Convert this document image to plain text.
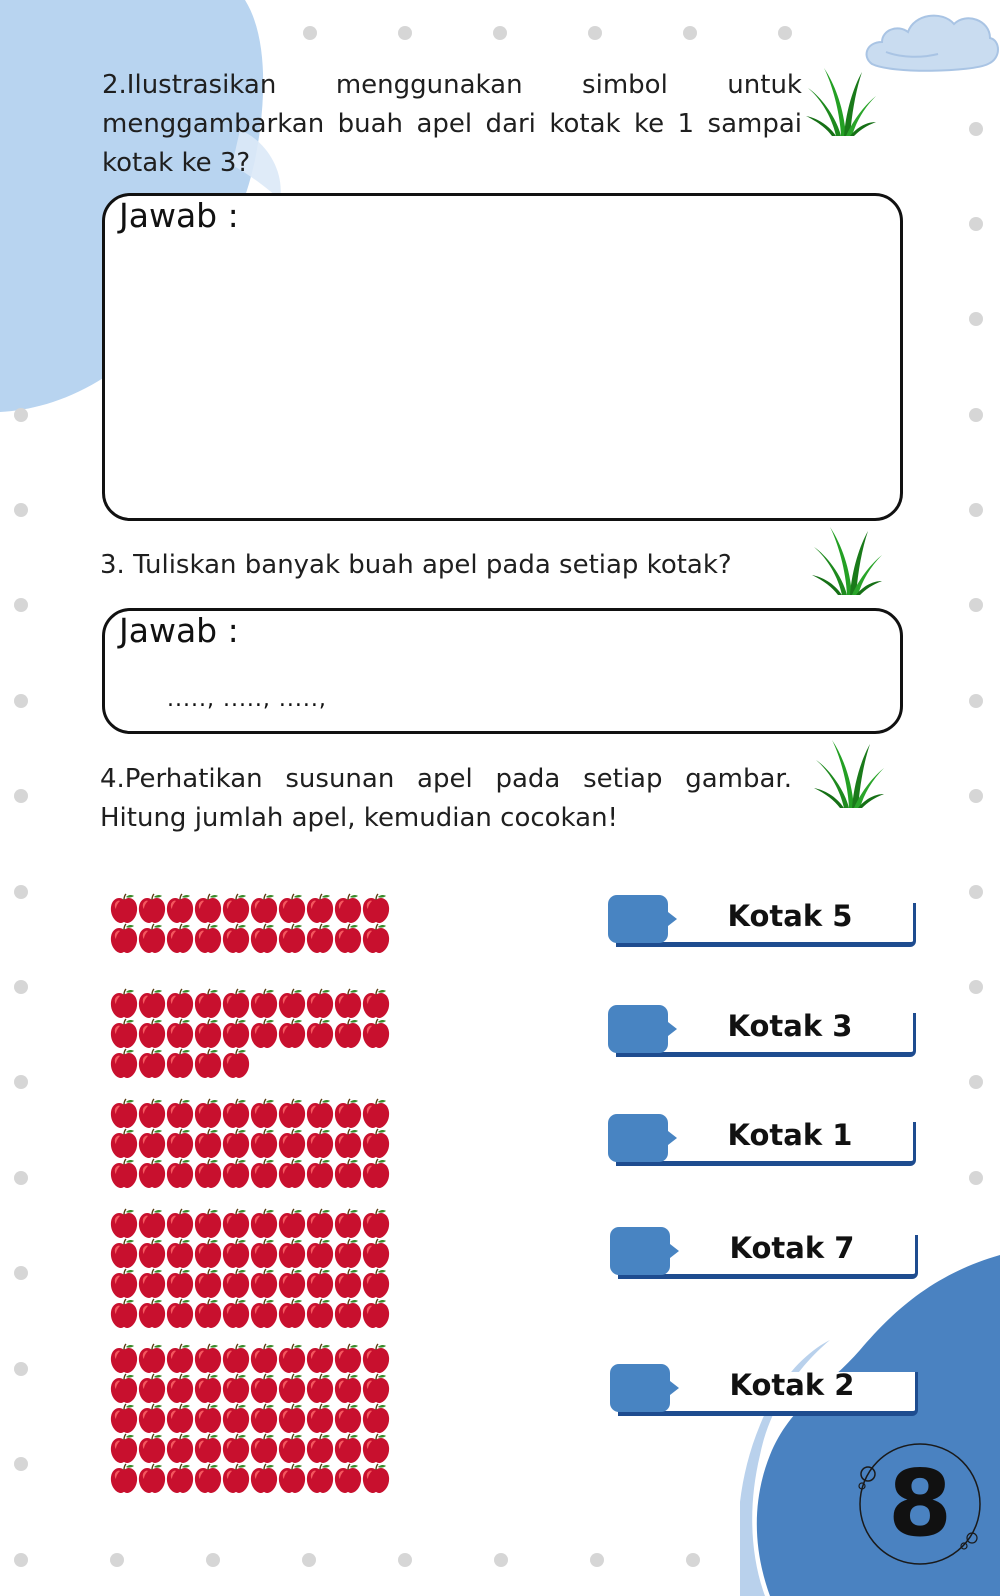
2.Ilustrasikan menggunakan simbol untuk menggambarkan buah apel dari kotak ke 1 sampai kotak ke 3?
Jawab :
3. Tuliskan banyak buah apel pada setiap kotak?
Jawab :
....., ....., .....,
4.Perhatikan susunan apel pada setiap gambar. Hitung jumlah apel, kemudian cocokan!
Kotak 5
Kotak 3
Kotak 1
Kotak 7
Kotak 2
8
